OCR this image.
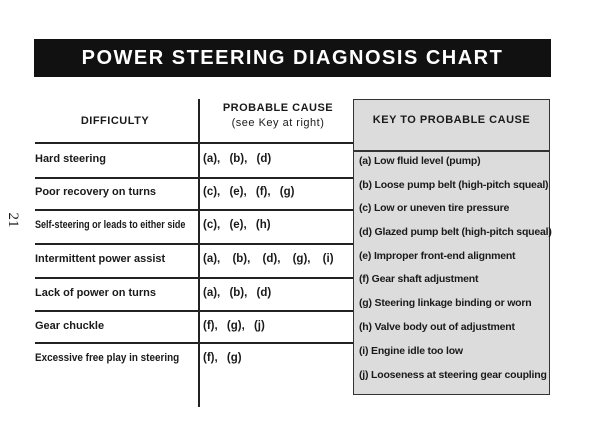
POWER STEERING DIAGNOSIS CHART
21
DIFFICULTY
PROBABLE CAUSE
(see Key at right)
Hard steering	(a), (b), (d)
Poor recovery on turns	(c), (e), (f), (g)
Self-steering or leads to either side (c), (e), (h)
Intermittent power assist	(a), (b), (d), (g), (i)
Lack of power on turns	(a), (b), (d)
Gear chuckle	(f), (g), (j)
Excessive free play in steering (f), (g)
KEY TO PROBABLE CAUSE
(a) Low fluid level (pump)
(b) Loose pump belt (high-pitch squeal)
(c) Low or uneven tire pressure
(d) Glazed pump belt (high-pitch squeal)
(e) Improper front-end alignment
(f) Gear shaft adjustment
(g) Steering linkage binding or worn
(h) Valve body out of adjustment
(i) Engine idle too low
(j) Looseness at steering gear coupling
